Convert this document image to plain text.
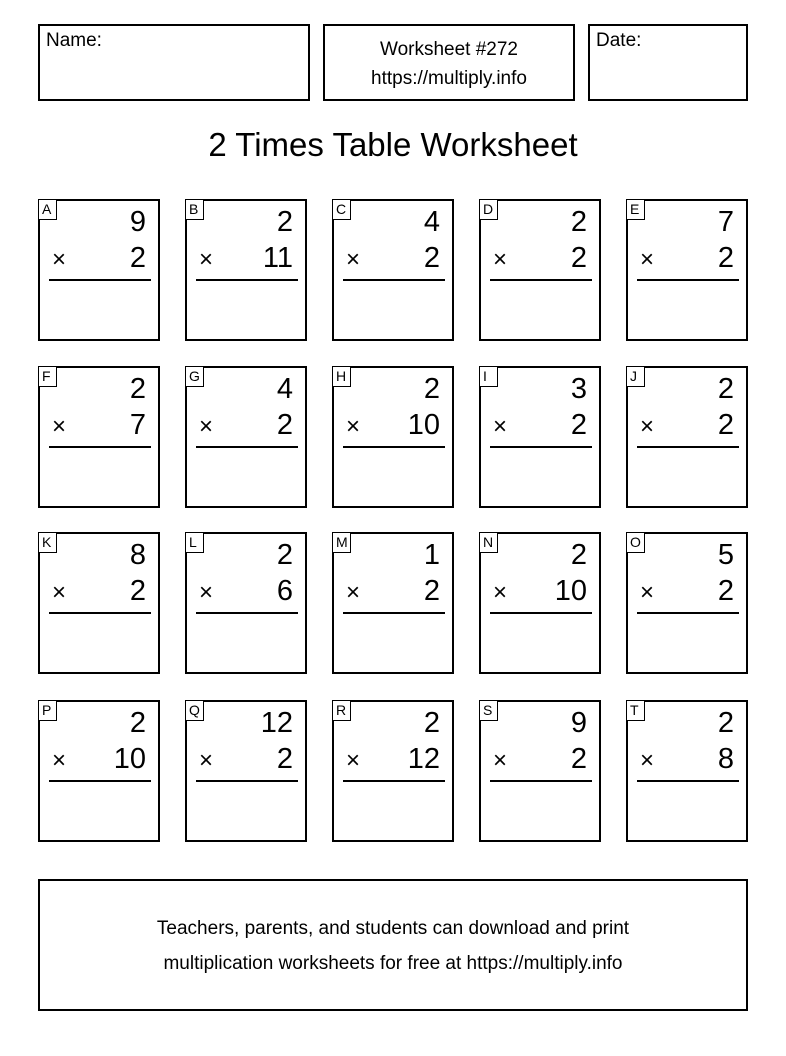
Name:	Worksheet #272
https://multiply.info
Date:
2 Times Table Worksheet
A	9
× 2
B	2
× 11
C	4
× 2
D	2
× 2
E	7
× 2
F	2
× 7
G	4
× 2
H	2
× 10
I	3
× 2
J	2
× 2
K	8
× 2
L	2
× 6
M	1
× 2
N	2
× 10
O	5
× 2
P	2
× 10
Q 12
× 2
R	2
× 12
S	9
× 2
T	2
× 8
Teachers, parents, and students can download and print
multiplication worksheets for free at https://multiply.info
